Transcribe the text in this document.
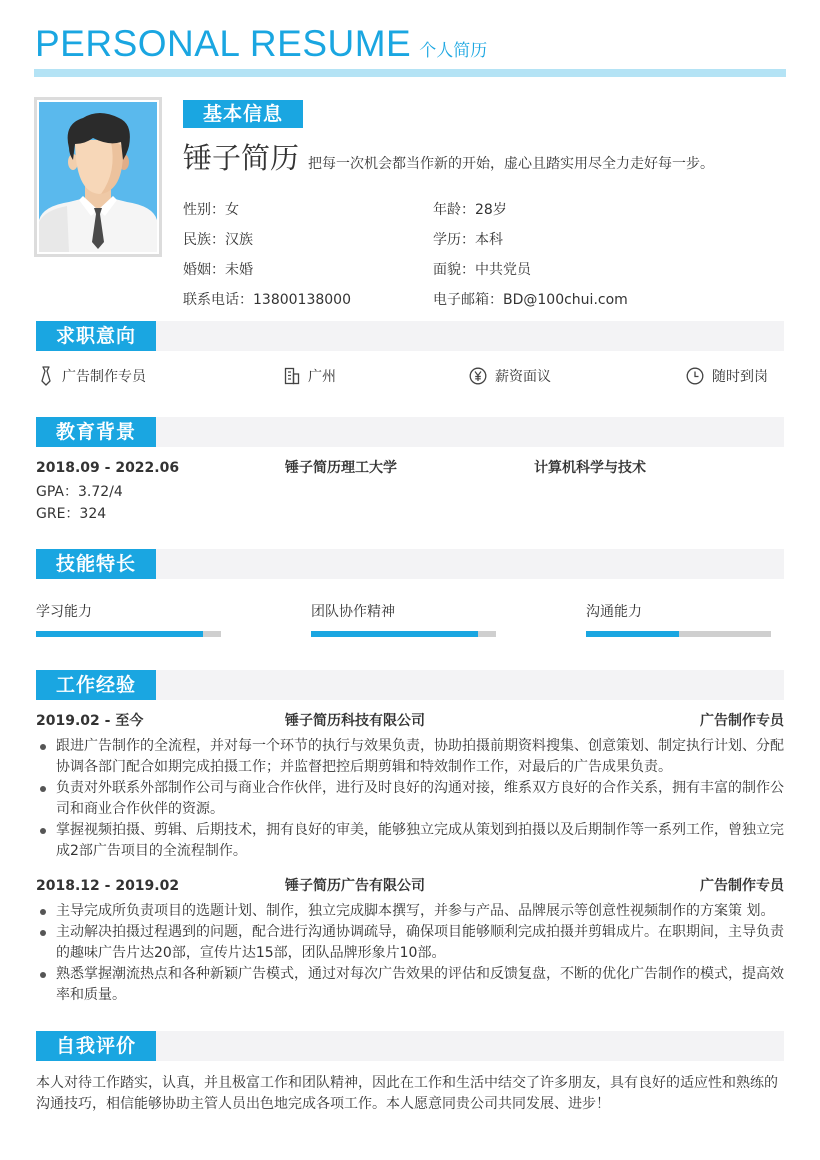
PERSONAL RESUME 个人简历
基本信息
锤子简历 把每一次机会都当作新的开始，虚心且踏实用尽全力走好每一步。
性别：女	年龄：28岁
民族：汉族	学历：本科
婚姻：未婚	面貌：中共党员
联系电话：13800138000	电子邮箱：BD@100chui.com
求职意向
广告制作专员	广州	薪资面议	随时到岗
教育背景
2018.09 - 2022.06	锤子简历理工大学	计算机科学与技术
GPA：3.72/4
GRE：324
技能特长
学习能力	团队协作精神	沟通能力
工作经验
2019.02 - 至今	锤子简历科技有限公司	广告制作专员
跟进广告制作的全流程，并对每一个环节的执行与效果负责，协助拍摄前期资料搜集、创意策划、制定执行计划、分配协调各部门配合如期完成拍摄工作；并监督把控后期剪辑和特效制作工作，对最后的广告成果负责。
负责对外联系外部制作公司与商业合作伙伴，进行及时良好的沟通对接，维系双方良好的合作关系，拥有丰富的制作公司和商业合作伙伴的资源。
掌握视频拍摄、剪辑、后期技术，拥有良好的审美，能够独立完成从策划到拍摄以及后期制作等一系列工作，曾独立完成2部广告项目的全流程制作。
2018.12 - 2019.02	锤子简历广告有限公司	广告制作专员
主导完成所负责项目的选题计划、制作，独立完成脚本撰写，并参与产品、品牌展示等创意性视频制作的方案策 划。
主动解决拍摄过程遇到的问题，配合进行沟通协调疏导，确保项目能够顺利完成拍摄并剪辑成片。在职期间，主导负责的趣味广告片达20部，宣传片达15部，团队品牌形象片10部。
熟悉掌握潮流热点和各种新颖广告模式，通过对每次广告效果的评估和反馈复盘，不断的优化广告制作的模式，提高效率和质量。
自我评价
本人对待工作踏实，认真，并且极富工作和团队精神，因此在工作和生活中结交了许多朋友，具有良好的适应性和熟练的沟通技巧，相信能够协助主管人员出色地完成各项工作。本人愿意同贵公司共同发展、进步！
